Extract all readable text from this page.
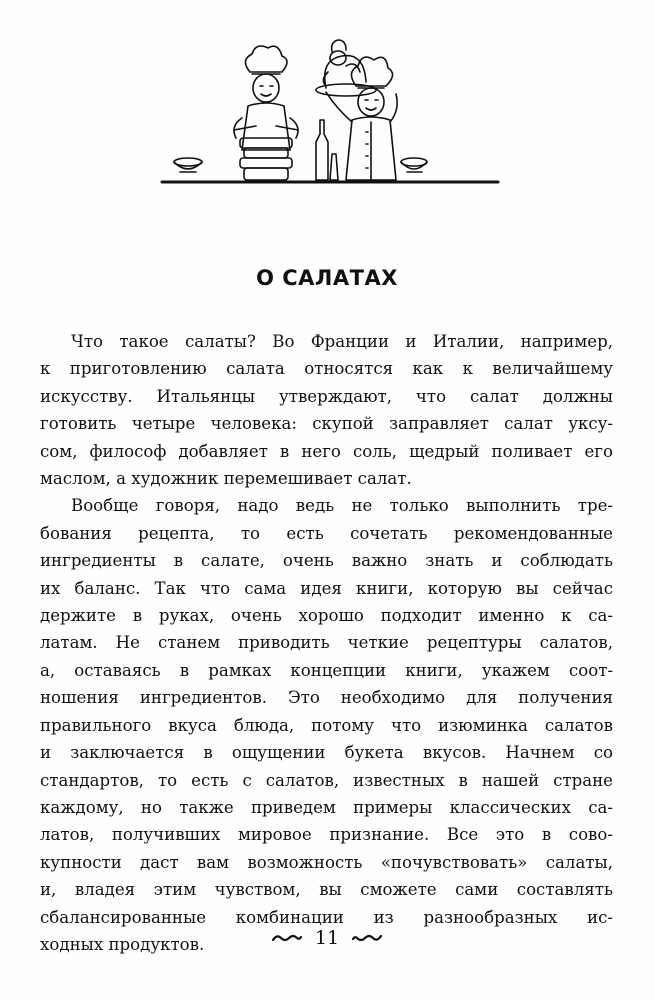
О САЛАТАХ
Что такое салаты? Во Франции и Италии, например,
к приготовлению салата относятся как к величайшему
искусству. Итальянцы утверждают, что салат должны
готовить четыре человека: скупой заправляет салат уксу-
сом, философ добавляет в него соль, щедрый поливает его
маслом, а художник перемешивает салат.
Вообще говоря, надо ведь не только выполнить тре-
бования рецепта, то есть сочетать рекомендованные
ингредиенты в салате, очень важно знать и соблюдать
их баланс. Так что сама идея книги, которую вы сейчас
держите в руках, очень хорошо подходит именно к са-
латам. Не станем приводить четкие рецептуры салатов,
а, оставаясь в рамках концепции книги, укажем соот-
ношения ингредиентов. Это необходимо для получения
правильного вкуса блюда, потому что изюминка салатов
и заключается в ощущении букета вкусов. Начнем со
стандартов, то есть с салатов, известных в нашей стране
каждому, но также приведем примеры классических са-
латов, получивших мировое признание. Все это в сово-
купности даст вам возможность «почувствовать» салаты,
и, владея этим чувством, вы сможете сами составлять
сбалансированные комбинации из разнообразных ис-
ходных продуктов.	11
